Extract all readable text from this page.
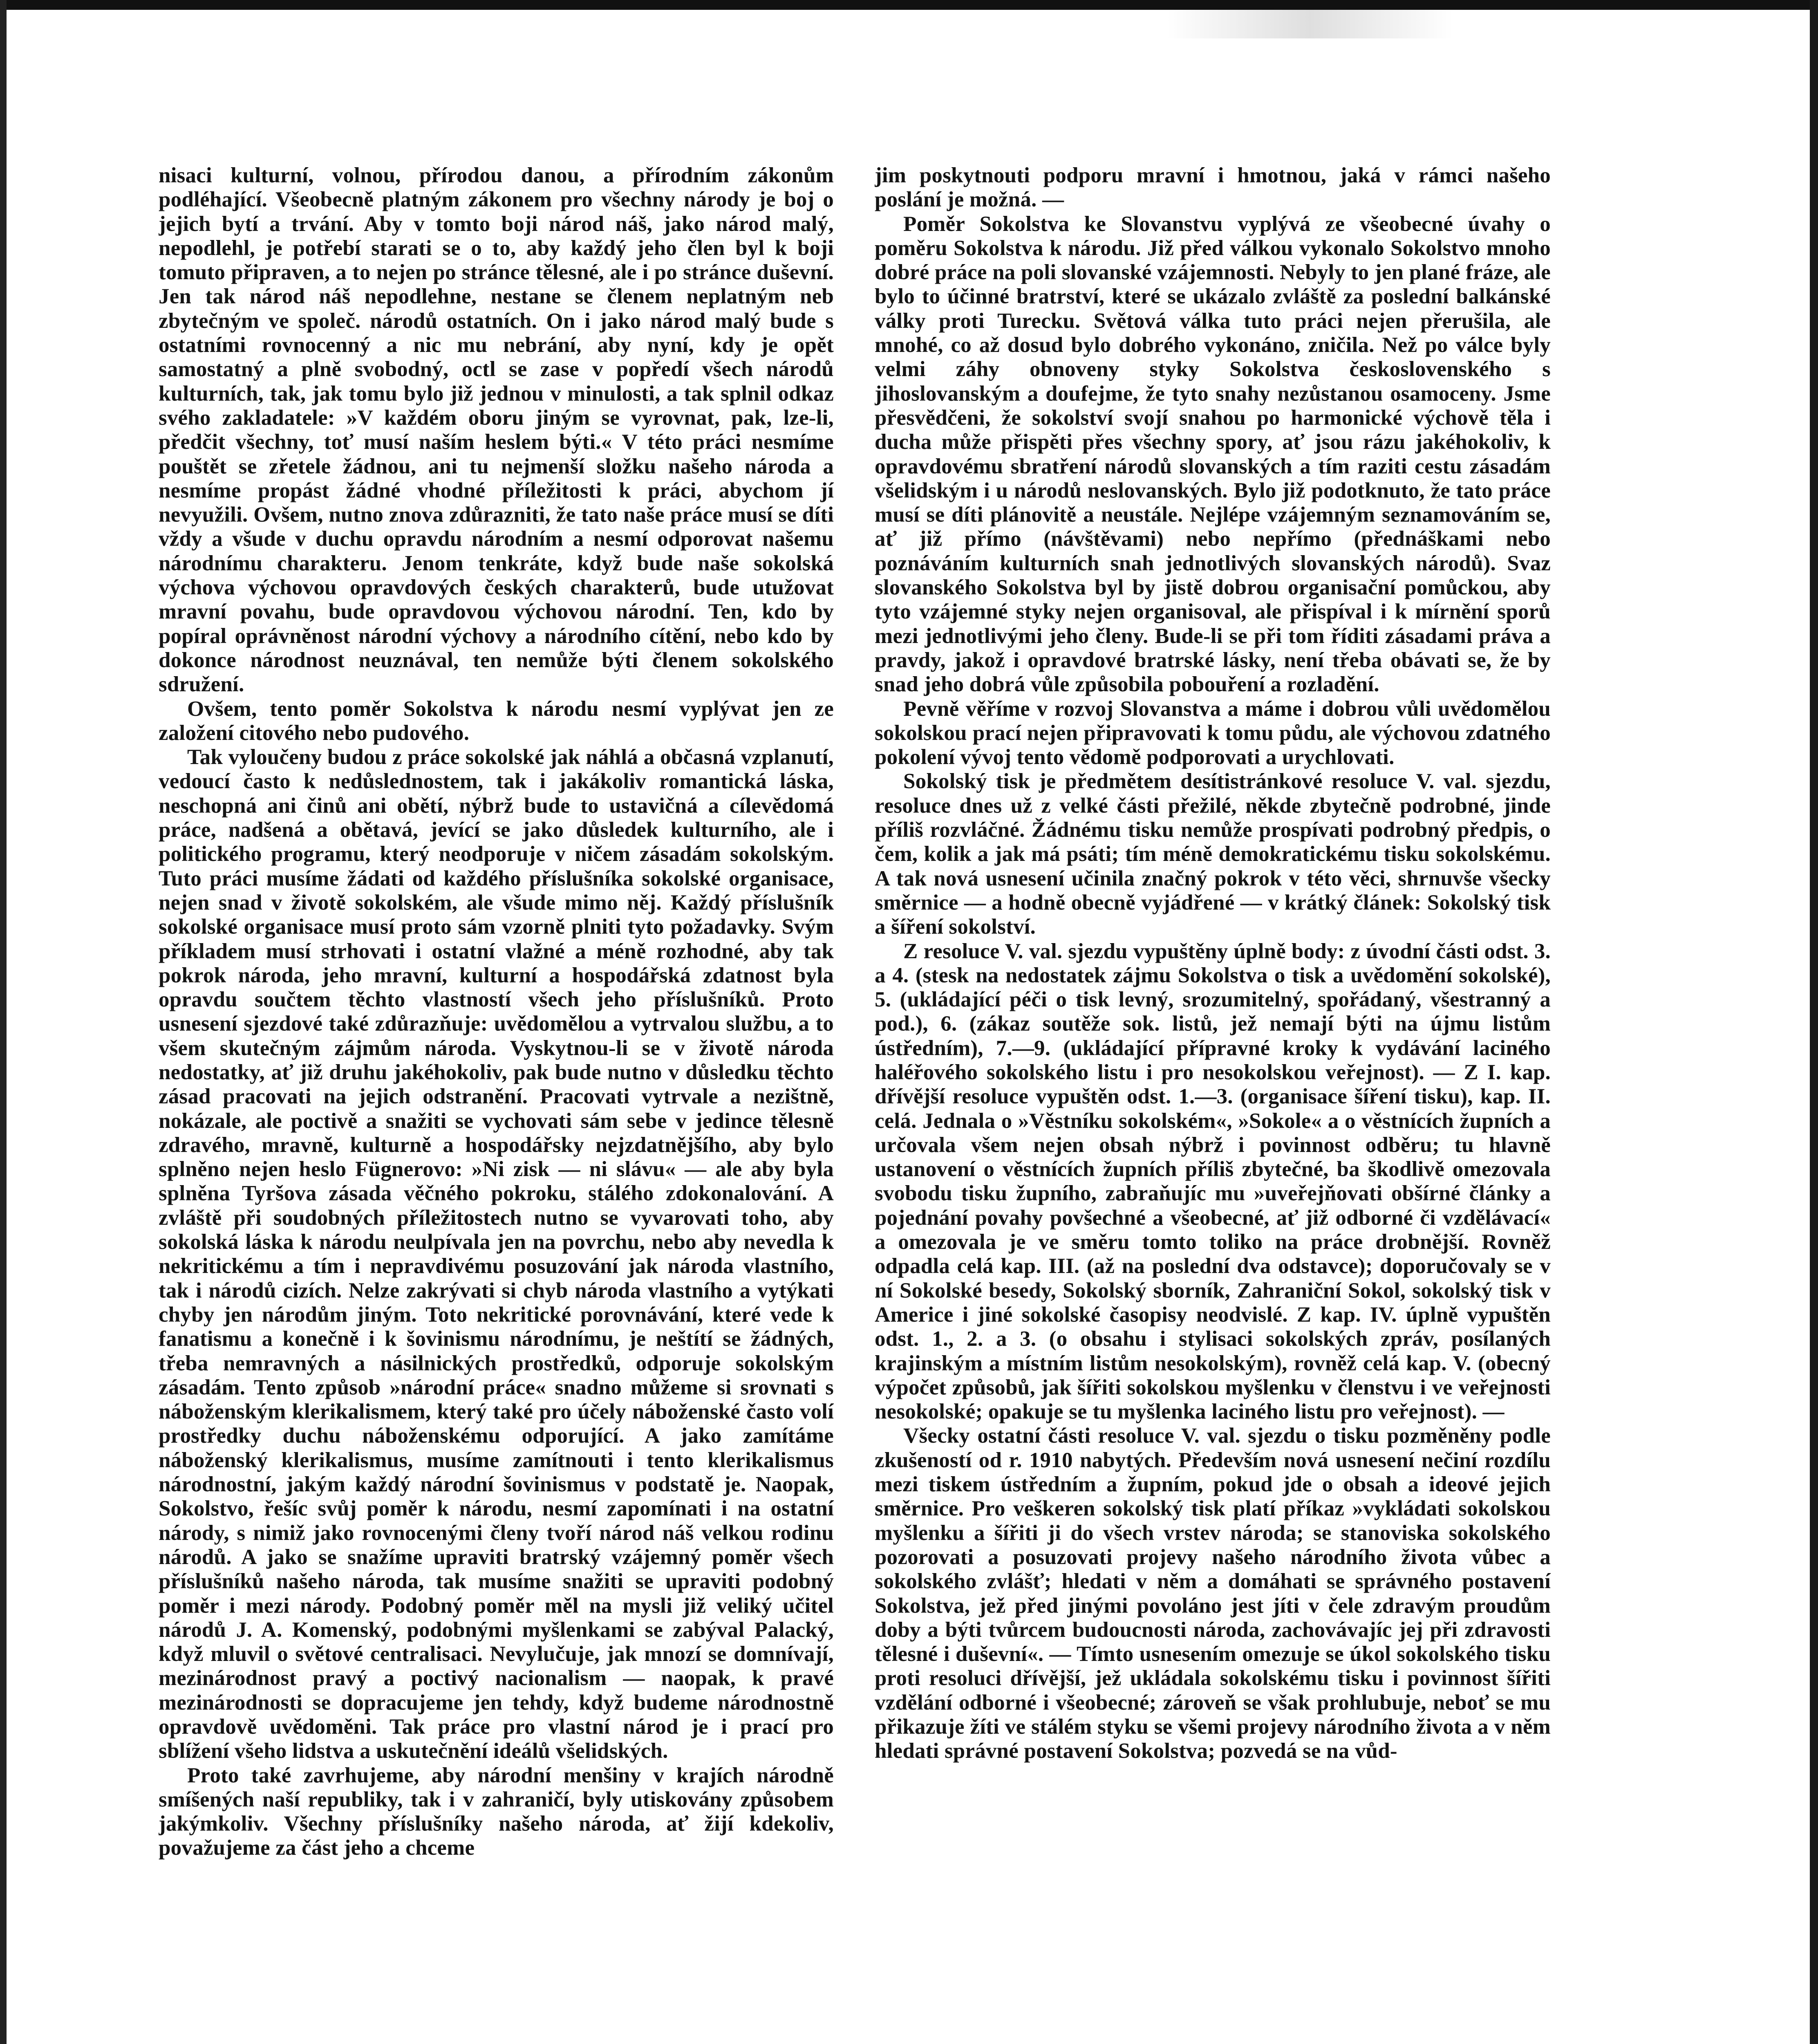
nisaci kulturní, volnou, přírodou danou, a přírodním zákonům podléhající. Všeobecně platným zákonem pro všechny národy je boj o jejich bytí a trvání. Aby v tomto boji národ náš, jako národ malý, nepodlehl, je potřebí starati se o to, aby každý jeho člen byl k boji tomuto připraven, a to nejen po stránce tělesné, ale i po stránce duševní. Jen tak národ náš nepodlehne, nestane se členem neplatným neb zbytečným ve společ. národů ostatních. On i jako národ malý bude s ostatními rovnocenný a nic mu nebrání, aby nyní, kdy je opět samostatný a plně svobodný, octl se zase v popředí všech národů kulturních, tak, jak tomu bylo již jednou v minulosti, a tak splnil odkaz svého zakladatele: »V každém oboru jiným se vyrovnat, pak, lze-li, předčit všechny, toť musí naším heslem býti.« V této práci nesmíme pouštět se zřetele žádnou, ani tu nejmenší složku našeho národa a nesmíme propást žádné vhodné příležitosti k práci, abychom jí nevyužili. Ovšem, nutno znova zdůrazniti, že tato naše práce musí se díti vždy a všude v duchu opravdu národním a nesmí odporovat našemu národnímu charakteru. Jenom tenkráte, když bude naše sokolská výchova výchovou opravdových českých charakterů, bude utužovat mravní povahu, bude opravdovou výchovou národní. Ten, kdo by popíral oprávněnost národní výchovy a národního cítění, nebo kdo by dokonce národnost neuznával, ten nemůže býti členem sokolského sdružení.

Ovšem, tento poměr Sokolstva k národu nesmí vyplývat jen ze založení citového nebo pudového.

Tak vyloučeny budou z práce sokolské jak náhlá a občasná vzplanutí, vedoucí často k nedůslednostem, tak i jakákoliv romantická láska, neschopná ani činů ani obětí, nýbrž bude to ustavičná a cílevědomá práce, nadšená a obětavá, jevící se jako důsledek kulturního, ale i politického programu, který neodporuje v ničem zásadám sokolským. Tuto práci musíme žádati od každého příslušníka sokolské organisace, nejen snad v životě sokolském, ale všude mimo něj. Každý příslušník sokolské organisace musí proto sám vzorně plniti tyto požadavky. Svým příkladem musí strhovati i ostatní vlažné a méně rozhodné, aby tak pokrok národa, jeho mravní, kulturní a hospodářská zdatnost byla opravdu součtem těchto vlastností všech jeho příslušníků. Proto usnesení sjezdové také zdůrazňuje: uvědomělou a vytrvalou službu, a to všem skutečným zájmům národa. Vyskytnou-li se v životě národa nedostatky, ať již druhu jakéhokoliv, pak bude nutno v důsledku těchto zásad pracovati na jejich odstranění. Pracovati vytrvale a nezištně, nokázale, ale poctivě a snažiti se vychovati sám sebe v jedince tělesně zdravého, mravně, kulturně a hospodářsky nejzdatnějšího, aby bylo splněno nejen heslo Fügnerovo: »Ni zisk — ni slávu« — ale aby byla splněna Tyršova zásada věčného pokroku, stálého zdokonalování. A zvláště při soudobných příležitostech nutno se vyvarovati toho, aby sokolská láska k národu neulpívala jen na povrchu, nebo aby nevedla k nekritickému a tím i nepravdivému posuzování jak národa vlastního, tak i národů cizích. Nelze zakrývati si chyb národa vlastního a vytýkati chyby jen národům jiným. Toto nekritické porovnávání, které vede k fanatismu a konečně i k šovinismu národnímu, je neštítí se žádných, třeba nemravných a násilnických prostředků, odporuje sokolským zásadám. Tento způsob »národní práce« snadno můžeme si srovnati s náboženským klerikalismem, který také pro účely náboženské často volí prostředky duchu náboženskému odporující. A jako zamítáme náboženský klerikalismus, musíme zamítnouti i tento klerikalismus národnostní, jakým každý národní šovinismus v podstatě je. Naopak, Sokolstvo, řešíc svůj poměr k národu, nesmí zapomínati i na ostatní národy, s nimiž jako rovnocenými členy tvoří národ náš velkou rodinu národů. A jako se snažíme upraviti bratrský vzájemný poměr všech příslušníků našeho národa, tak musíme snažiti se upraviti podobný poměr i mezi národy. Podobný poměr měl na mysli již veliký učitel národů J. A. Komenský, podobnými myšlenkami se zabýval Palacký, když mluvil o světové centralisaci. Nevylučuje, jak mnozí se domnívají, mezinárodnost pravý a poctivý nacionalism — naopak, k pravé mezinárodnosti se dopracujeme jen tehdy, když budeme národnostně opravdově uvědoměni. Tak práce pro vlastní národ je i prací pro sblížení všeho lidstva a uskutečnění ideálů všelidských.

Proto také zavrhujeme, aby národní menšiny v krajích národně smíšených naší republiky, tak i v zahraničí, byly utiskovány způsobem jakýmkoliv. Všechny příslušníky našeho národa, ať žijí kdekoliv, považujeme za část jeho a chceme

jim poskytnouti podporu mravní i hmotnou, jaká v rámci našeho poslání je možná. —

Poměr Sokolstva ke Slovanstvu vyplývá ze všeobecné úvahy o poměru Sokolstva k národu. Již před válkou vykonalo Sokolstvo mnoho dobré práce na poli slovanské vzájemnosti. Nebyly to jen plané fráze, ale bylo to účinné bratrství, které se ukázalo zvláště za poslední balkánské války proti Turecku. Světová válka tuto práci nejen přerušila, ale mnohé, co až dosud bylo dobrého vykonáno, zničila. Než po válce byly velmi záhy obnoveny styky Sokolstva československého s jihoslovanským a doufejme, že tyto snahy nezůstanou osamoceny. Jsme přesvědčeni, že sokolství svojí snahou po harmonické výchově těla i ducha může přispěti přes všechny spory, ať jsou rázu jakéhokoliv, k opravdovému sbratření národů slovanských a tím raziti cestu zásadám všelidským i u národů neslovanských. Bylo již podotknuto, že tato práce musí se díti plánovitě a neustále. Nejlépe vzájemným seznamováním se, ať již přímo (návštěvami) nebo nepřímo (přednáškami nebo poznáváním kulturních snah jednotlivých slovanských národů). Svaz slovanského Sokolstva byl by jistě dobrou organisační pomůckou, aby tyto vzájemné styky nejen organisoval, ale přispíval i k mírnění sporů mezi jednotlivými jeho členy. Bude-li se při tom říditi zásadami práva a pravdy, jakož i opravdové bratrské lásky, není třeba obávati se, že by snad jeho dobrá vůle způsobila pobouření a rozladění.

Pevně věříme v rozvoj Slovanstva a máme i dobrou vůli uvědomělou sokolskou prací nejen připravovati k tomu půdu, ale výchovou zdatného pokolení vývoj tento vědomě podporovati a urychlovati.

Sokolský tisk je předmětem desítistránkové resoluce V. val. sjezdu, resoluce dnes už z velké části přežilé, někde zbytečně podrobné, jinde příliš rozvláčné. Žádnému tisku nemůže prospívati podrobný předpis, o čem, kolik a jak má psáti; tím méně demokratickému tisku sokolskému. A tak nová usnesení učinila značný pokrok v této věci, shrnuvše všecky směrnice — a hodně obecně vyjádřené — v krátký článek: Sokolský tisk a šíření sokolství.

Z resoluce V. val. sjezdu vypuštěny úplně body: z úvodní části odst. 3. a 4. (stesk na nedostatek zájmu Sokolstva o tisk a uvědomění sokolské), 5. (ukládající péči o tisk levný, srozumitelný, spořádaný, všestranný a pod.), 6. (zákaz soutěže sok. listů, jež nemají býti na újmu listům ústředním), 7.—9. (ukládající přípravné kroky k vydávání laciného haléřového sokolského listu i pro nesokolskou veřejnost). — Z I. kap. dřívější resoluce vypuštěn odst. 1.—3. (organisace šíření tisku), kap. II. celá. Jednala o »Věstníku sokolském«, »Sokole« a o věstnících župních a určovala všem nejen obsah nýbrž i povinnost odběru; tu hlavně ustanovení o věstnících župních příliš zbytečné, ba škodlivě omezovala svobodu tisku župního, zabraňujíc mu »uveřejňovati obšírné články a pojednání povahy povšechné a všeobecné, ať již odborné či vzdělávací« a omezovala je ve směru tomto toliko na práce drobnější. Rovněž odpadla celá kap. III. (až na poslední dva odstavce); doporučovaly se v ní Sokolské besedy, Sokolský sborník, Zahraniční Sokol, sokolský tisk v Americe i jiné sokolské časopisy neodvislé. Z kap. IV. úplně vypuštěn odst. 1., 2. a 3. (o obsahu i stylisaci sokolských zpráv, posílaných krajinským a místním listům nesokolským), rovněž celá kap. V. (obecný výpočet způsobů, jak šířiti sokolskou myšlenku v členstvu i ve veřejnosti nesokolské; opakuje se tu myšlenka laciného listu pro veřejnost). —

Všecky ostatní části resoluce V. val. sjezdu o tisku pozměněny podle zkušeností od r. 1910 nabytých. Především nová usnesení nečiní rozdílu mezi tiskem ústředním a župním, pokud jde o obsah a ideové jejich směrnice. Pro veškeren sokolský tisk platí příkaz »vykládati sokolskou myšlenku a šířiti ji do všech vrstev národa; se stanoviska sokolského pozorovati a posuzovati projevy našeho národního života vůbec a sokolského zvlášť; hledati v něm a domáhati se správného postavení Sokolstva, jež před jinými povoláno jest jíti v čele zdravým proudům doby a býti tvůrcem budoucnosti národa, zachovávajíc jej při zdravosti tělesné i duševní«. — Tímto usnesením omezuje se úkol sokolského tisku proti resoluci dřívější, jež ukládala sokolskému tisku i povinnost šířiti vzdělání odborné i všeobecné; zároveň se však prohlubuje, neboť se mu přikazuje žíti ve stálém styku se všemi projevy národního života a v něm hledati správné postavení Sokolstva; pozvedá se na vůd-
